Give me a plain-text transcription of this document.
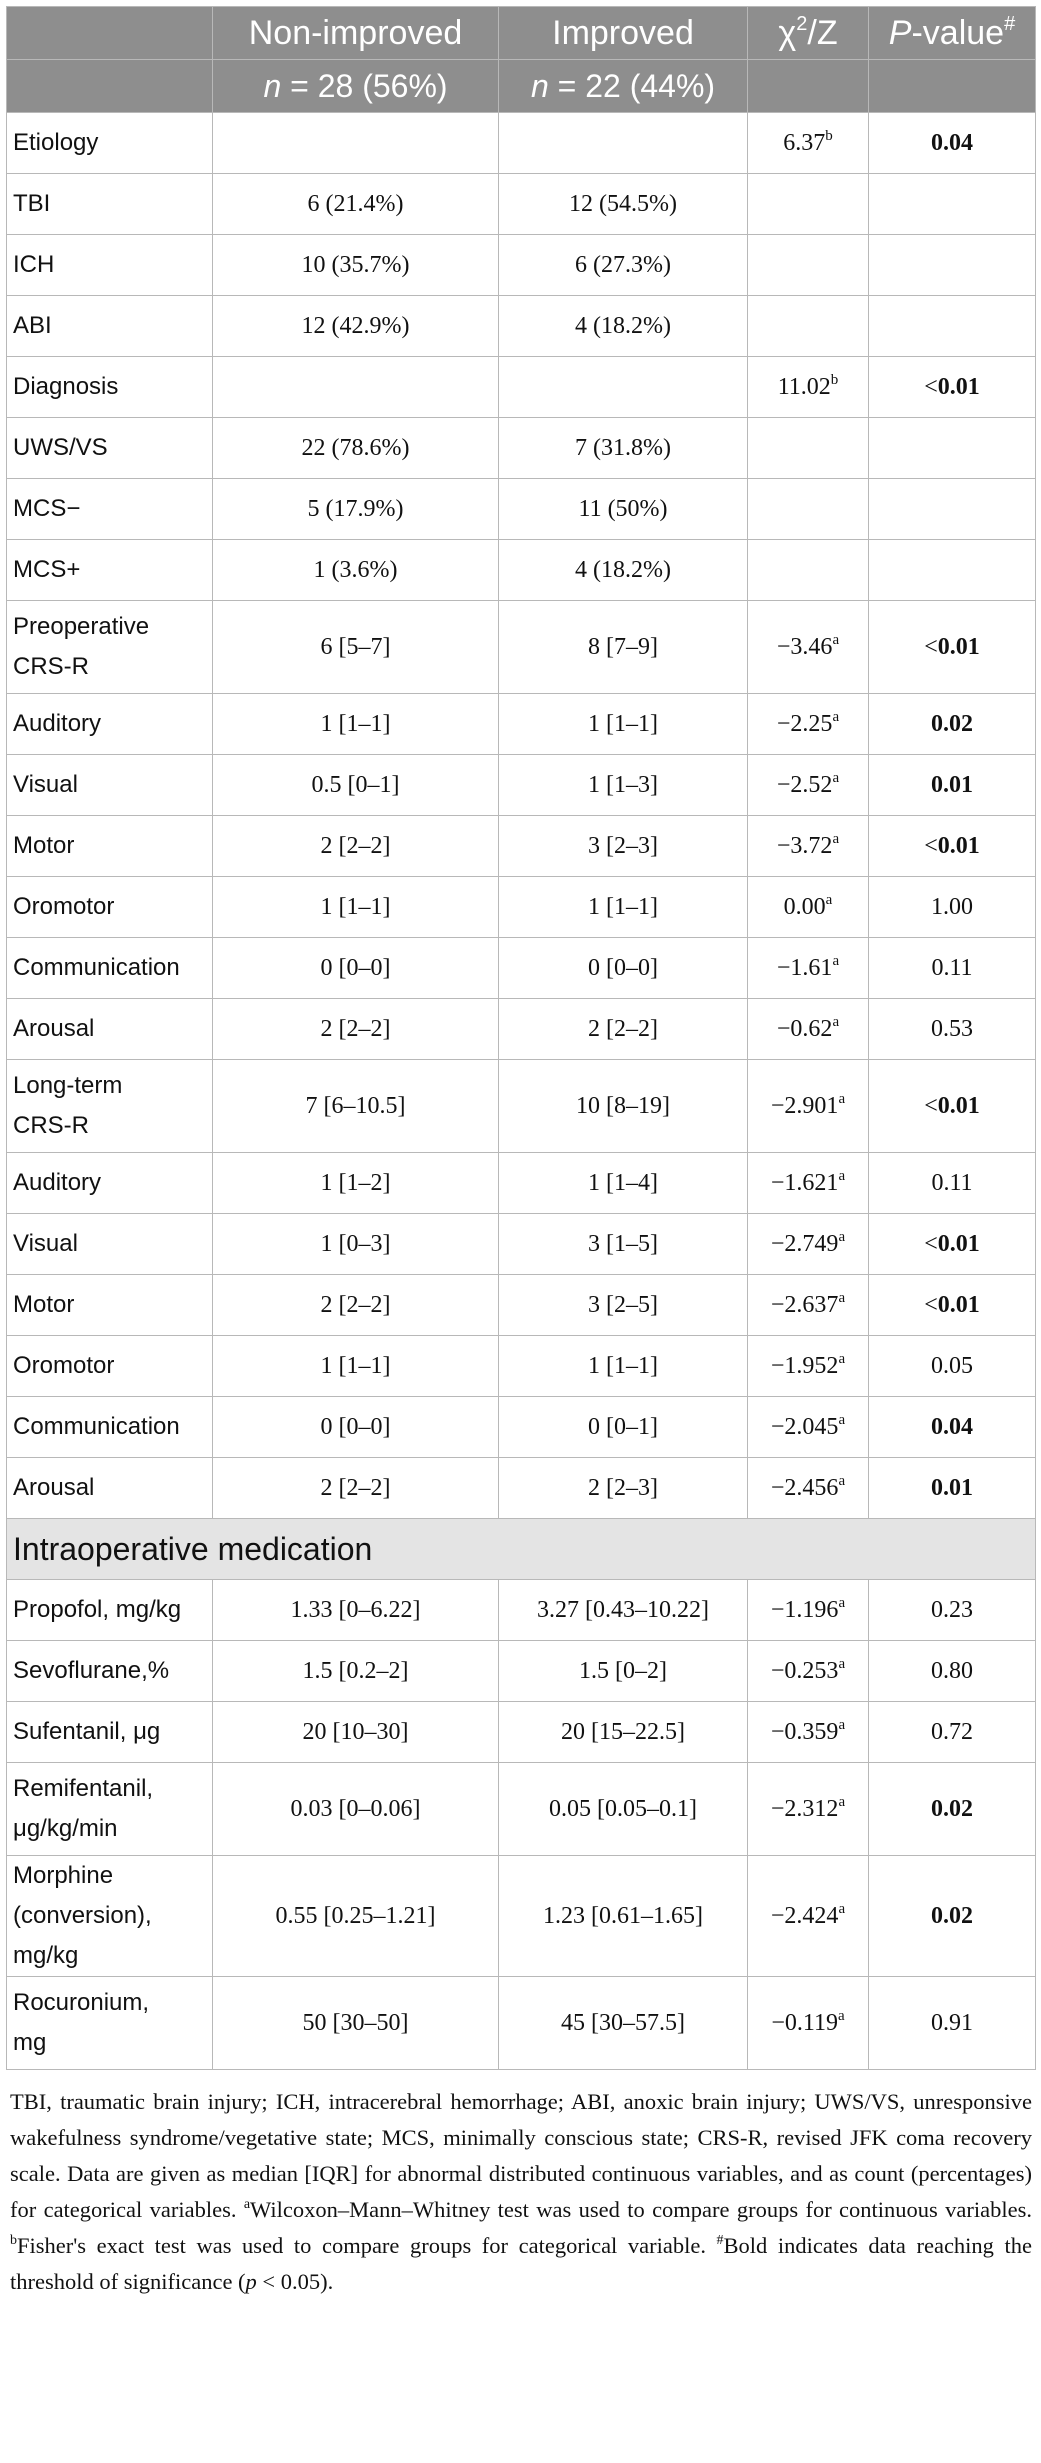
	Non-improved	Improved	$\chi^2/Z$	P-value#
	n = 28 (56%)	n = 22 (44%)		
Etiology			6.37$^b$	0.04
TBI	6 (21.4%)	12 (54.5%)		
ICH	10 (35.7%)	6 (27.3%)		
ABI	12 (42.9%)	4 (18.2%)		
Diagnosis			11.02$^b$	<0.01
UWS/VS	22 (78.6%)	7 (31.8%)		
MCS−	5 (17.9%)	11 (50%)		
MCS+	1 (3.6%)	4 (18.2%)		
Preoperative
CRS-R	6 [5–7]	8 [7–9]	−3.46$^a$	<0.01
Auditory	1 [1–1]	1 [1–1]	−2.25$^a$	0.02
Visual	0.5 [0–1]	1 [1–3]	−2.52$^a$	0.01
Motor	2 [2–2]	3 [2–3]	−3.72$^a$	<0.01
Oromotor	1 [1–1]	1 [1–1]	0.00$^a$	1.00
Communication	0 [0–0]	0 [0–0]	−1.61$^a$	0.11
Arousal	2 [2–2]	2 [2–2]	−0.62$^a$	0.53
Long-term
CRS-R	7 [6–10.5]	10 [8–19]	−2.901$^a$	<0.01
Auditory	1 [1–2]	1 [1–4]	−1.621$^a$	0.11
Visual	1 [0–3]	3 [1–5]	−2.749$^a$	<0.01
Motor	2 [2–2]	3 [2–5]	−2.637$^a$	<0.01
Oromotor	1 [1–1]	1 [1–1]	−1.952$^a$	0.05
Communication	0 [0–0]	0 [0–1]	−2.045$^a$	0.04
Arousal	2 [2–2]	2 [2–3]	−2.456$^a$	0.01
Intraoperative medication				
Propofol, mg/kg	1.33 [0–6.22]	3.27 [0.43–10.22]	−1.196$^a$	0.23
Sevoflurane,%	1.5 [0.2–2]	1.5 [0–2]	−0.253$^a$	0.80
Sufentanil, μg	20 [10–30]	20 [15–22.5]	−0.359$^a$	0.72
Remifentanil,
μg/kg/min	0.03 [0–0.06]	0.05 [0.05–0.1]	−2.312$^a$	0.02
Morphine
(conversion),
mg/kg	0.55 [0.25–1.21]	1.23 [0.61–1.65]	−2.424$^a$	0.02
Rocuronium,
mg	50 [30–50]	45 [30–57.5]	−0.119$^a$	0.91
TBI, traumatic brain injury; ICH, intracerebral hemorrhage; ABI, anoxic brain injury; UWS/VS, unresponsive wakefulness syndrome/vegetative state; MCS, minimally conscious state; CRS-R, revised JFK coma recovery scale. Data are given as median [IQR] for abnormal distributed continuous variables, and as count (percentages) for categorical variables. $^a$Wilcoxon–Mann–Whitney test was used to compare groups for continuous variables. $^b$Fisher's exact test was used to compare groups for categorical variable. #Bold indicates data reaching the threshold of significance (p < 0.05).
